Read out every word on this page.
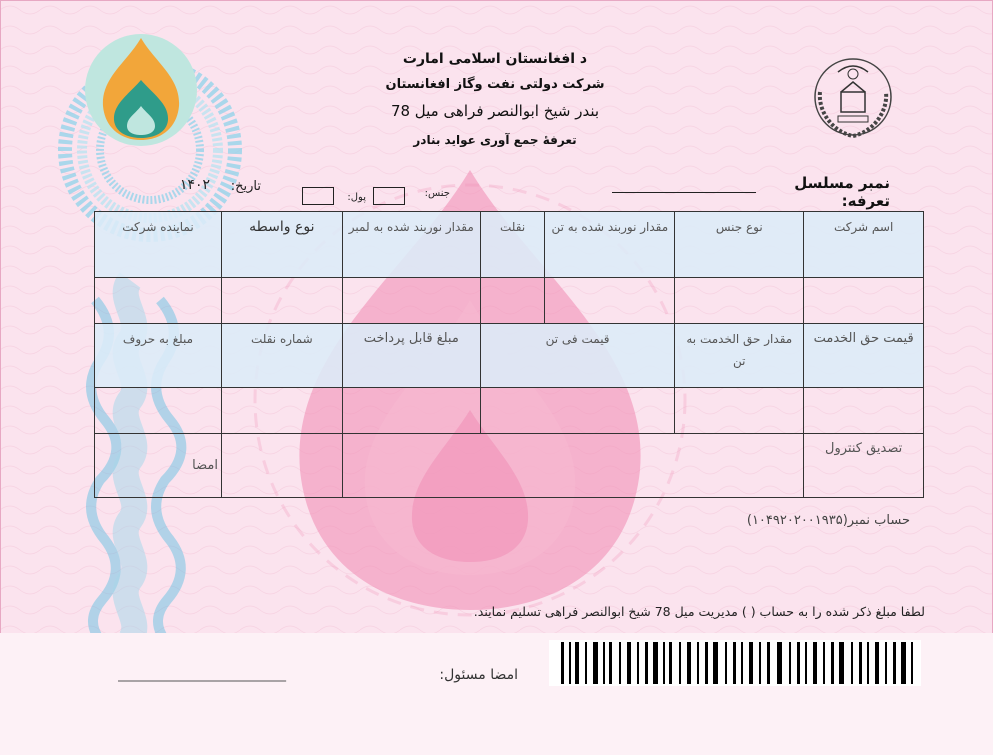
د افغانستان اسلامی امارت
شرکت دولتی نفت وگاز افغانستان
بندر شیخ ابوالنصر فراهی میل 78
تعرفهٔ جمع آوری عواید بنادر
نمبر مسلسل تعرفه:
جنس:
پول:
تاریخ:
۱۴۰۲
اسم شرکت	نوع جنس	مقدار نوربند شده به تن	نقلت	مقدار نوربند شده به لمبر	نوع واسطه	نماینده شرکت

قیمت حق الخدمت	مقدار حق الخدمت به تن	قیمت فی تن		مبلغ قابل پرداخت	شماره نقلت	مبلغ به حروف

تصدیق کنترول						امضا
حساب نمبر(۱۰۴۹۲۰۲۰۰۱۹۳۵)
لطفا مبلغ ذکر شده را به حساب ( ) مدیریت میل 78 شیخ ابوالنصر فراهی تسلیم نمایند.
امضا مسئول:
________________________
